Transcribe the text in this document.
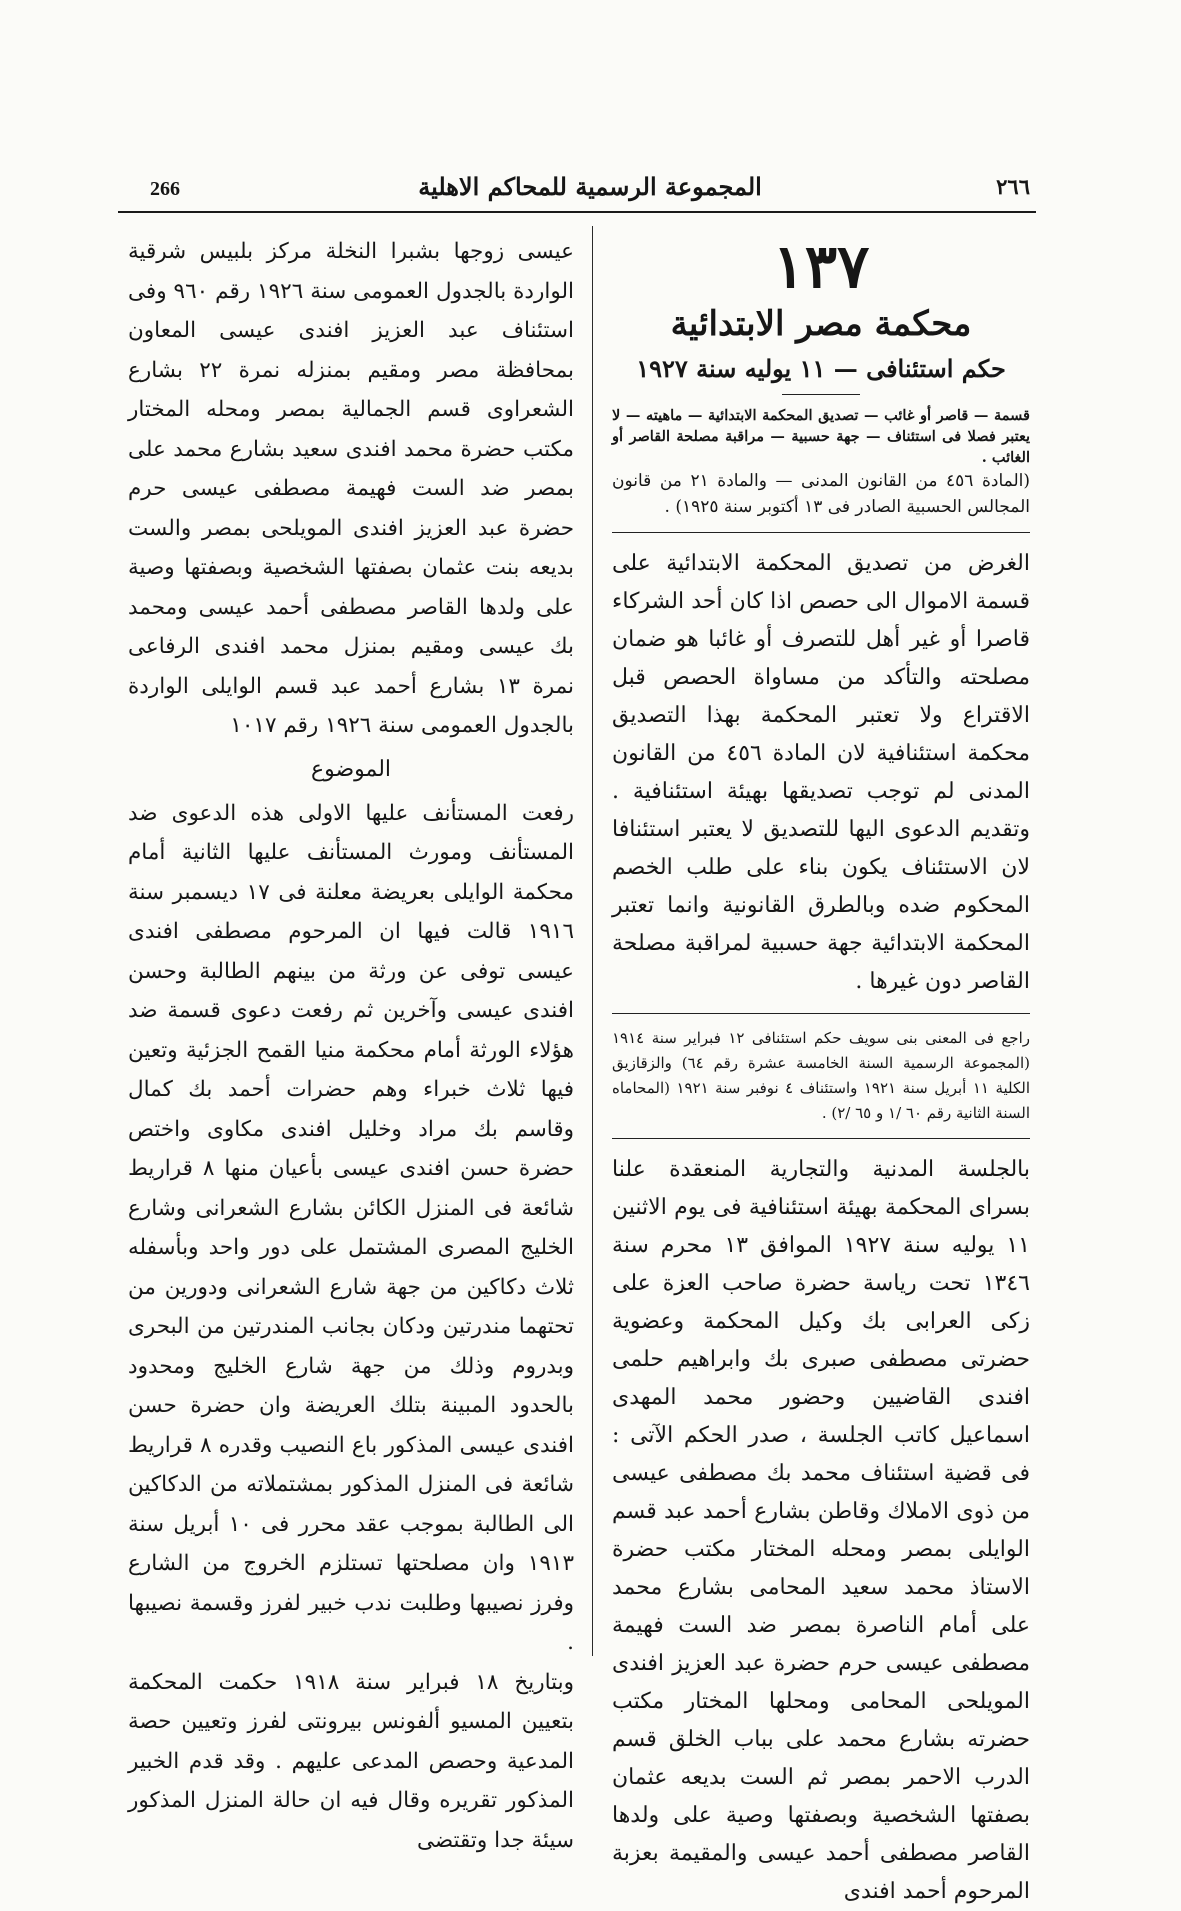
٢٦٦
المجموعة الرسمية للمحاكم الاهلية
266
١٣٧
محكمة مصر الابتدائية
حكم استئنافى — ١١ يوليه سنة ١٩٢٧

قسمة — قاصر أو غائب — تصديق المحكمة الابتدائية — ماهيته — لا يعتبر فصلا فى استئناف — جهة حسبية — مراقبة مصلحة القاصر أو الغائب .

(المادة ٤٥٦ من القانون المدنى — والمادة ٢١ من قانون المجالس الحسبية الصادر فى ١٣ أكتوبر سنة ١٩٢٥) .

الغرض من تصديق المحكمة الابتدائية على قسمة الاموال الى حصص اذا كان أحد الشركاء قاصرا أو غير أهل للتصرف أو غائبا هو ضمان مصلحته والتأكد من مساواة الحصص قبل الاقتراع ولا تعتبر المحكمة بهذا التصديق محكمة استئنافية لان المادة ٤٥٦ من القانون المدنى لم توجب تصديقها بهيئة استئنافية . وتقديم الدعوى اليها للتصديق لا يعتبر استئنافا لان الاستئناف يكون بناء على طلب الخصم المحكوم ضده وبالطرق القانونية وانما تعتبر المحكمة الابتدائية جهة حسبية لمراقبة مصلحة القاصر دون غيرها .

راجع فى المعنى بنى سويف حكم استئنافى ١٢ فبراير سنة ١٩١٤ (المجموعة الرسمية السنة الخامسة عشرة رقم ٦٤) والزقازيق الكلية ١١ أبريل سنة ١٩٢١ واستئناف ٤ نوفبر سنة ١٩٢١ (المحاماه السنة الثانية رقم ٦٠ /١ و ٦٥ /٢) .

بالجلسة المدنية والتجارية المنعقدة علنا بسراى المحكمة بهيئة استئنافية فى يوم الاثنين ١١ يوليه سنة ١٩٢٧ الموافق ١٣ محرم سنة ١٣٤٦ تحت رياسة حضرة صاحب العزة على زكى العرابى بك وكيل المحكمة وعضوية حضرتى مصطفى صبرى بك وابراهيم حلمى افندى القاضيين وحضور محمد المهدى اسماعيل كاتب الجلسة ، صدر الحكم الآتى : فى قضية استئناف محمد بك مصطفى عيسى من ذوى الاملاك وقاطن بشارع أحمد عبد قسم الوايلى بمصر ومحله المختار مكتب حضرة الاستاذ محمد سعيد المحامى بشارع محمد على أمام الناصرة بمصر ضد الست فهيمة مصطفى عيسى حرم حضرة عبد العزيز افندى المويلحى المحامى ومحلها المختار مكتب حضرته بشارع محمد على بباب الخلق قسم الدرب الاحمر بمصر ثم الست بديعه عثمان بصفتها الشخصية وبصفتها وصية على ولدها القاصر مصطفى أحمد عيسى والمقيمة بعزبة المرحوم أحمد افندى

عيسى زوجها بشبرا النخلة مركز بلبيس شرقية الواردة بالجدول العمومى سنة ١٩٢٦ رقم ٩٦٠ وفى استئناف عبد العزيز افندى عيسى المعاون بمحافظة مصر ومقيم بمنزله نمرة ٢٢ بشارع الشعراوى قسم الجمالية بمصر ومحله المختار مكتب حضرة محمد افندى سعيد بشارع محمد على بمصر ضد الست فهيمة مصطفى عيسى حرم حضرة عبد العزيز افندى المويلحى بمصر والست بديعه بنت عثمان بصفتها الشخصية وبصفتها وصية على ولدها القاصر مصطفى أحمد عيسى ومحمد بك عيسى ومقيم بمنزل محمد افندى الرفاعى نمرة ١٣ بشارع أحمد عبد قسم الوايلى الواردة بالجدول العمومى سنة ١٩٢٦ رقم ١٠١٧

الموضوع

رفعت المستأنف عليها الاولى هذه الدعوى ضد المستأنف ومورث المستأنف عليها الثانية أمام محكمة الوايلى بعريضة معلنة فى ١٧ ديسمبر سنة ١٩١٦ قالت فيها ان المرحوم مصطفى افندى عيسى توفى عن ورثة من بينهم الطالبة وحسن افندى عيسى وآخرين ثم رفعت دعوى قسمة ضد هؤلاء الورثة أمام محكمة منيا القمح الجزئية وتعين فيها ثلاث خبراء وهم حضرات أحمد بك كمال وقاسم بك مراد وخليل افندى مكاوى واختص حضرة حسن افندى عيسى بأعيان منها ٨ قراريط شائعة فى المنزل الكائن بشارع الشعرانى وشارع الخليج المصرى المشتمل على دور واحد وبأسفله ثلاث دكاكين من جهة شارع الشعرانى ودورين من تحتهما مندرتين ودكان بجانب المندرتين من البحرى وبدروم وذلك من جهة شارع الخليج ومحدود بالحدود المبينة بتلك العريضة وان حضرة حسن افندى عيسى المذكور باع النصيب وقدره ٨ قراريط شائعة فى المنزل المذكور بمشتملاته من الدكاكين الى الطالبة بموجب عقد محرر فى ١٠ أبريل سنة ١٩١٣ وان مصلحتها تستلزم الخروج من الشارع وفرز نصيبها وطلبت ندب خبير لفرز وقسمة نصيبها .

وبتاريخ ١٨ فبراير سنة ١٩١٨ حكمت المحكمة بتعيين المسيو ألفونس بيرونتى لفرز وتعيين حصة المدعية وحصص المدعى عليهم . وقد قدم الخبير المذكور تقريره وقال فيه ان حالة المنزل المذكور سيئة جدا وتقتضى
